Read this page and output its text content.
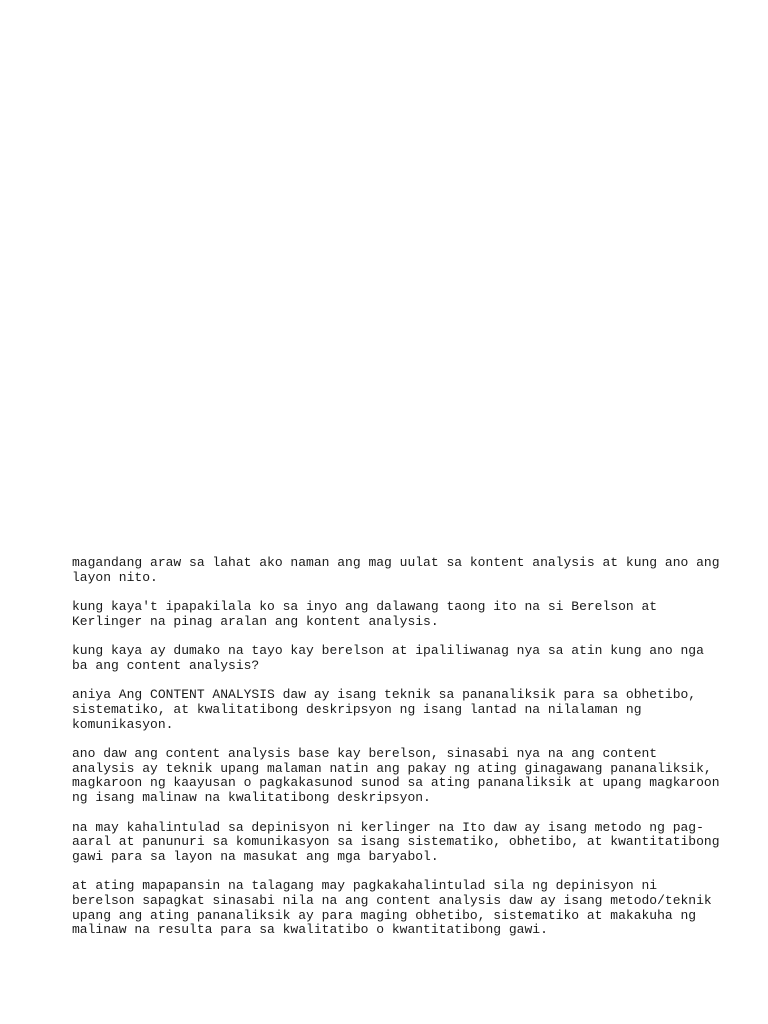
magandang araw sa lahat ako naman ang mag uulat sa kontent analysis at kung ano ang
layon nito.

kung kaya't ipapakilala ko sa inyo ang dalawang taong ito na si Berelson at
Kerlinger na pinag aralan ang kontent analysis.

kung kaya ay dumako na tayo kay berelson at ipaliliwanag nya sa atin kung ano nga
ba ang content analysis?

aniya Ang CONTENT ANALYSIS daw ay isang teknik sa pananaliksik para sa obhetibo,
sistematiko, at kwalitatibong deskripsyon ng isang lantad na nilalaman ng
komunikasyon.

ano daw ang content analysis base kay berelson, sinasabi nya na ang content
analysis ay teknik upang malaman natin ang pakay ng ating ginagawang pananaliksik,
magkaroon ng kaayusan o pagkakasunod sunod sa ating pananaliksik at upang magkaroon
ng isang malinaw na kwalitatibong deskripsyon.

na may kahalintulad sa depinisyon ni kerlinger na Ito daw ay isang metodo ng pag-
aaral at panunuri sa komunikasyon sa isang sistematiko, obhetibo, at kwantitatibong
gawi para sa layon na masukat ang mga baryabol.

at ating mapapansin na talagang may pagkakahalintulad sila ng depinisyon ni
berelson sapagkat sinasabi nila na ang content analysis daw ay isang metodo/teknik
upang ang ating pananaliksik ay para maging obhetibo, sistematiko at makakuha ng
malinaw na resulta para sa kwalitatibo o kwantitatibong gawi.
